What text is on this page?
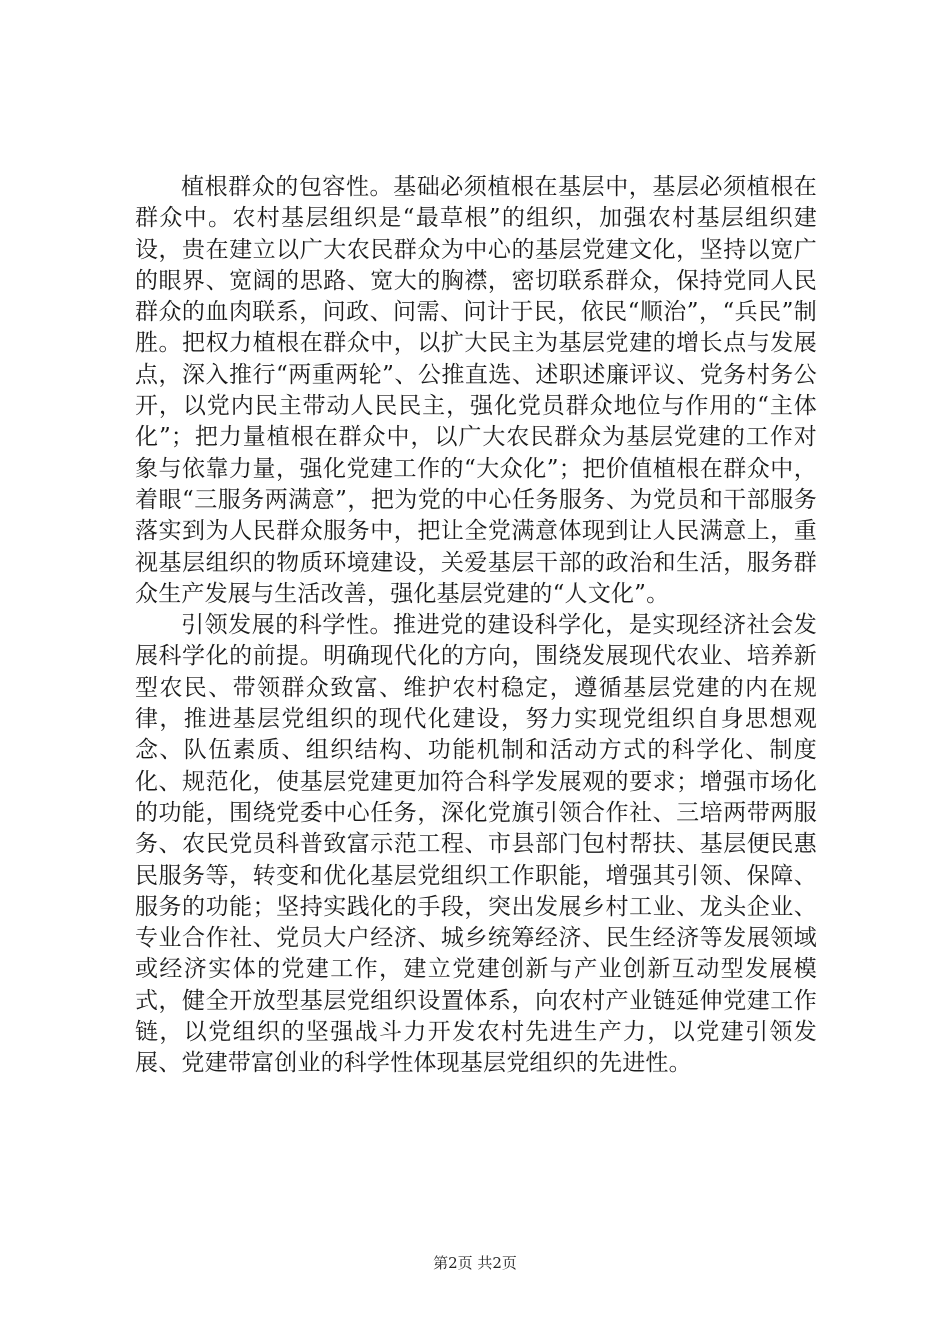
植根群众的包容性。基础必须植根在基层中，基层必须植根在群众中。农村基层组织是“最草根”的组织，加强农村基层组织建设，贵在建立以广大农民群众为中心的基层党建文化，坚持以宽广的眼界、宽阔的思路、宽大的胸襟，密切联系群众，保持党同人民群众的血肉联系，问政、问需、问计于民，依民“顺治”，“兵民”制胜。把权力植根在群众中，以扩大民主为基层党建的增长点与发展点，深入推行“两重两轮”、公推直选、述职述廉评议、党务村务公开，以党内民主带动人民民主，强化党员群众地位与作用的“主体化”；把力量植根在群众中，以广大农民群众为基层党建的工作对象与依靠力量，强化党建工作的“大众化”；把价值植根在群众中，着眼“三服务两满意”，把为党的中心任务服务、为党员和干部服务落实到为人民群众服务中，把让全党满意体现到让人民满意上，重视基层组织的物质环境建设，关爱基层干部的政治和生活，服务群众生产发展与生活改善，强化基层党建的“人文化”。

引领发展的科学性。推进党的建设科学化，是实现经济社会发展科学化的前提。明确现代化的方向，围绕发展现代农业、培养新型农民、带领群众致富、维护农村稳定，遵循基层党建的内在规律，推进基层党组织的现代化建设，努力实现党组织自身思想观念、队伍素质、组织结构、功能机制和活动方式的科学化、制度化、规范化，使基层党建更加符合科学发展观的要求；增强市场化的功能，围绕党委中心任务，深化党旗引领合作社、三培两带两服务、农民党员科普致富示范工程、市县部门包村帮扶、基层便民惠民服务等，转变和优化基层党组织工作职能，增强其引领、保障、服务的功能；坚持实践化的手段，突出发展乡村工业、龙头企业、专业合作社、党员大户经济、城乡统筹经济、民生经济等发展领域或经济实体的党建工作，建立党建创新与产业创新互动型发展模式，健全开放型基层党组织设置体系，向农村产业链延伸党建工作链，以党组织的坚强战斗力开发农村先进生产力，以党建引领发展、党建带富创业的科学性体现基层党组织的先进性。

第2页 共2页
